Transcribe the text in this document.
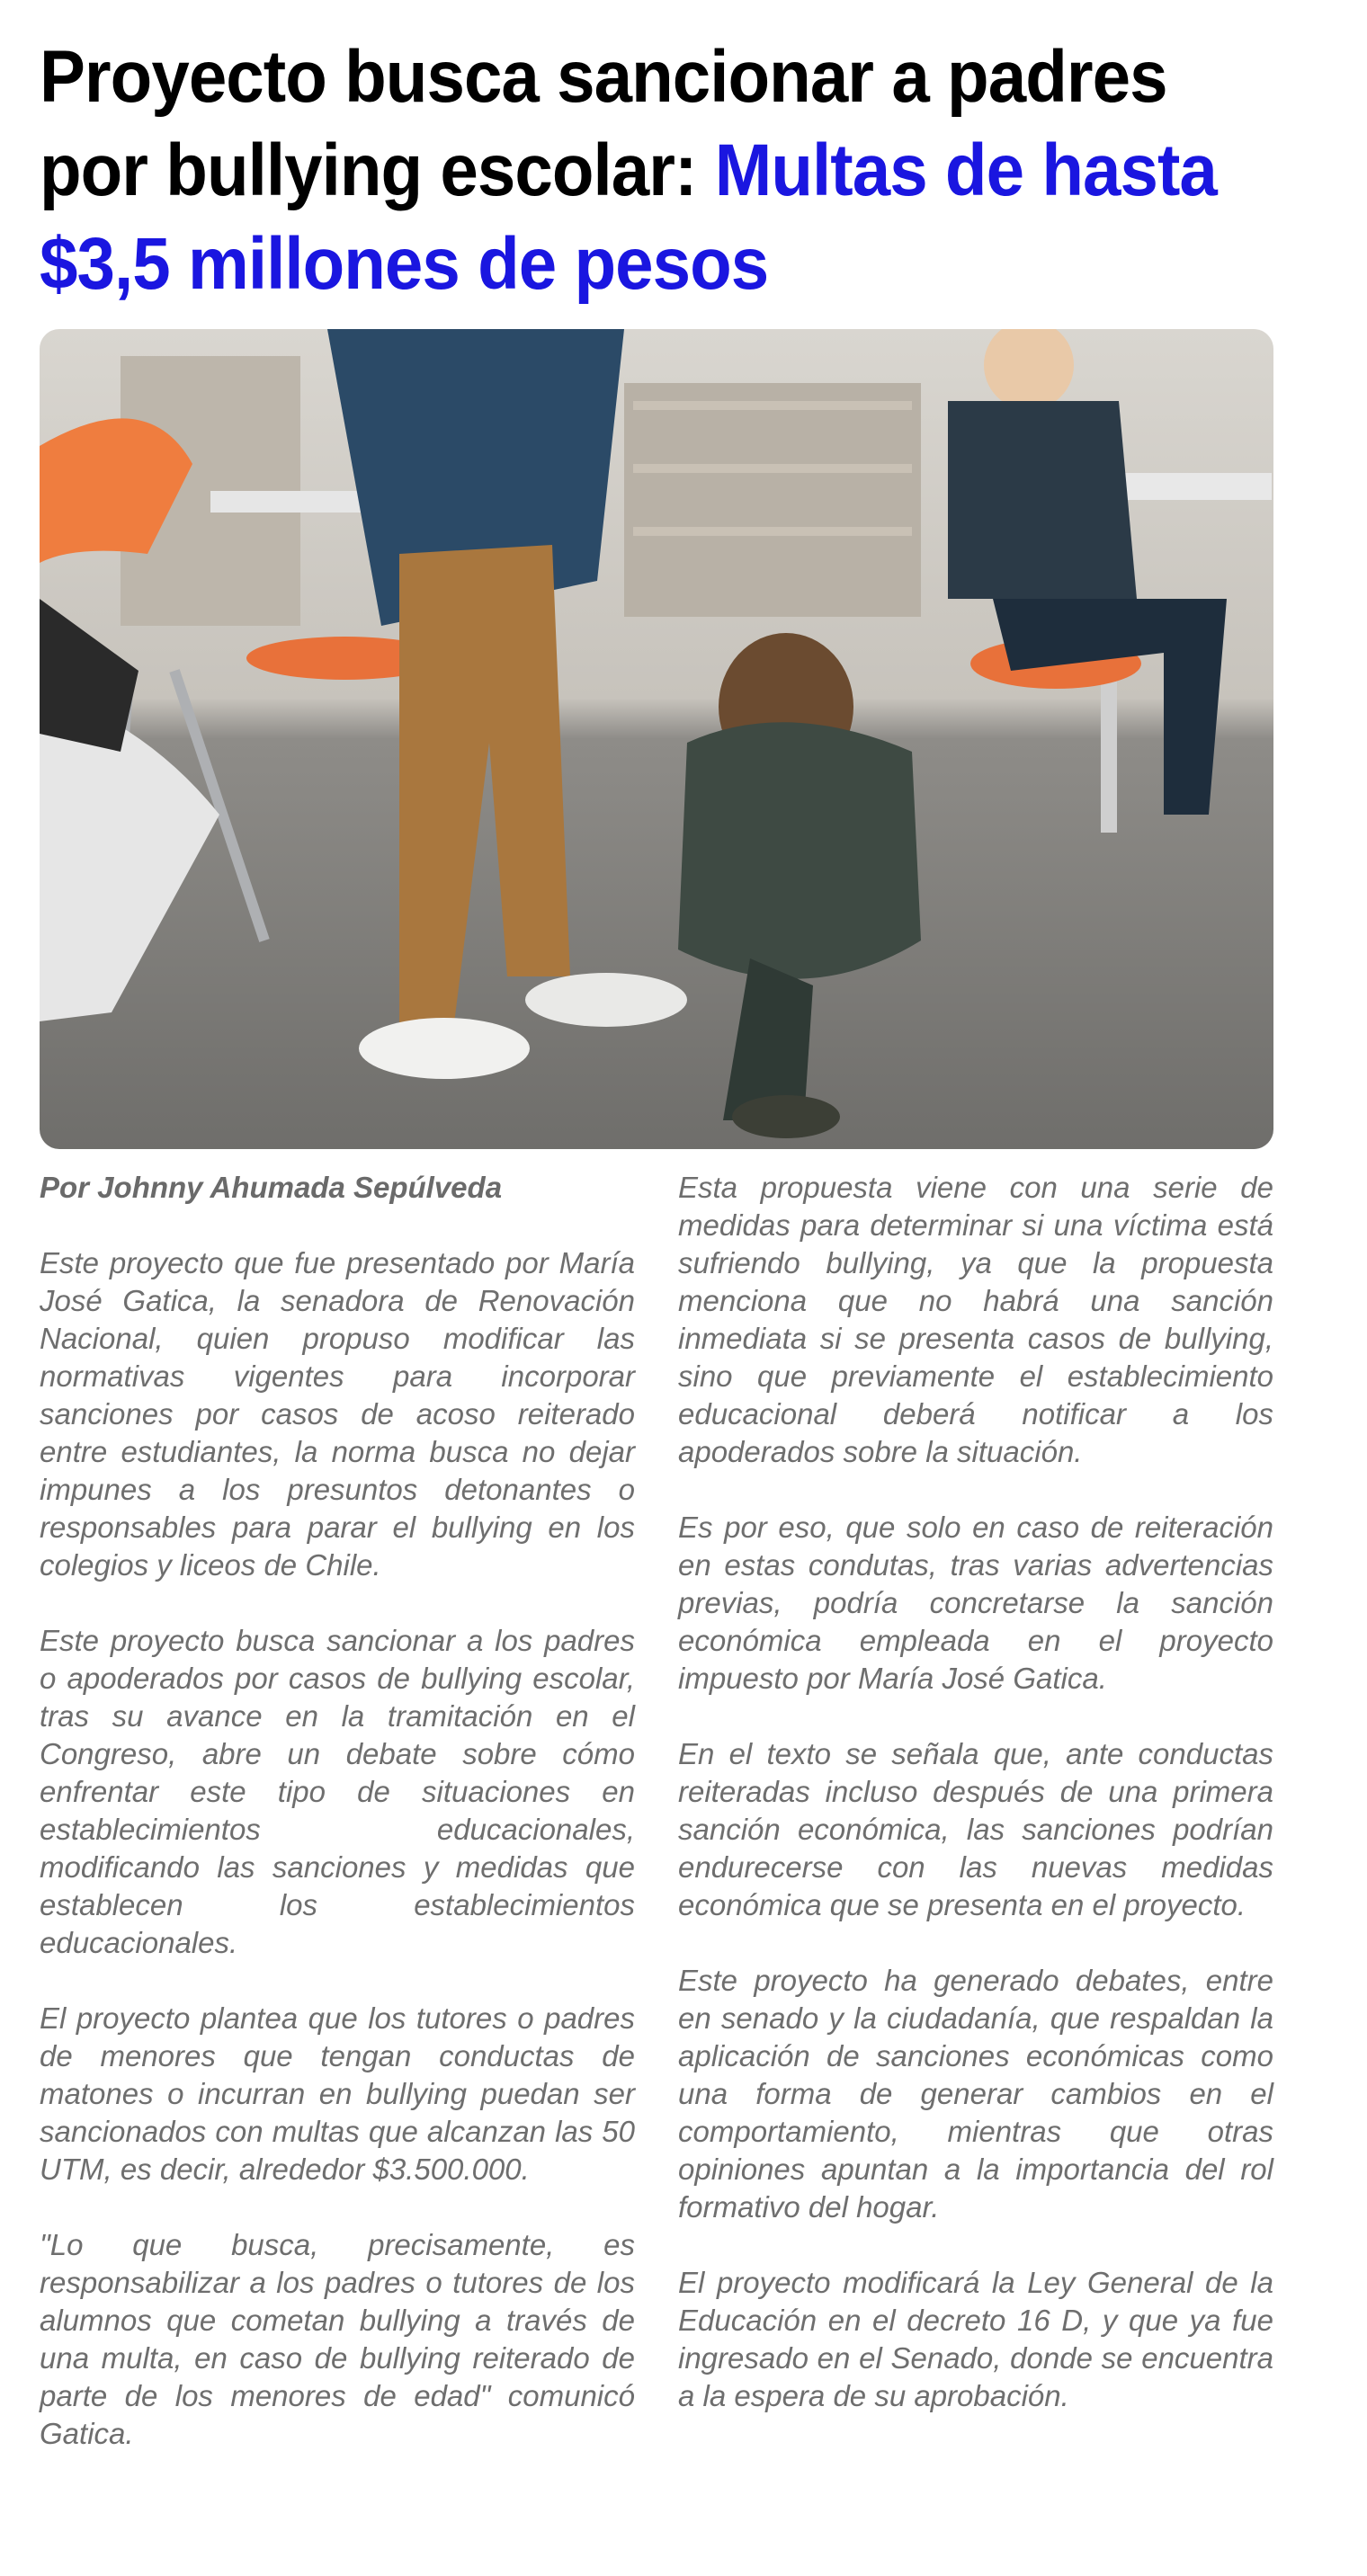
Proyecto busca sancionar a padres por bullying escolar: Multas de hasta $3,5 millones de pesos

Por Johnny Ahumada Sepúlveda

Este proyecto que fue presentado por María José Gatica, la senadora de Renovación Nacional, quien propuso modificar las normativas vigentes para incorporar sanciones por casos de acoso reiterado entre estudiantes, la norma busca no dejar impunes a los presuntos detonantes o responsables para parar el bullying en los colegios y liceos de Chile.

Este proyecto busca sancionar a los padres o apoderados por casos de bullying escolar, tras su avance en la tramitación en el Congreso, abre un debate sobre cómo enfrentar este tipo de situaciones en establecimientos educacionales, modificando las sanciones y medidas que establecen los establecimientos educacionales.

El proyecto plantea que los tutores o padres de menores que tengan conductas de matones o incurran en bullying puedan ser sancionados con multas que alcanzan las 50 UTM, es decir, alrededor $3.500.000.

"Lo que busca, precisamente, es responsabilizar a los padres o tutores de los alumnos que cometan bullying a través de una multa, en caso de bullying reiterado de parte de los menores de edad" comunicó Gatica.

Esta propuesta viene con una serie de medidas para determinar si una víctima está sufriendo bullying, ya que la propuesta menciona que no habrá una sanción inmediata si se presenta casos de bullying, sino que previamente el establecimiento educacional deberá notificar a los apoderados sobre la situación.

Es por eso, que solo en caso de reiteración en estas condutas, tras varias advertencias previas, podría concretarse la sanción económica empleada en el proyecto impuesto por María José Gatica.

En el texto se señala que, ante conductas reiteradas incluso después de una primera sanción económica, las sanciones podrían endurecerse con las nuevas medidas económica que se presenta en el proyecto.

Este proyecto ha generado debates, entre en senado y la ciudadanía, que respaldan la aplicación de sanciones económicas como una forma de generar cambios en el comportamiento, mientras que otras opiniones apuntan a la importancia del rol formativo del hogar.

El proyecto modificará la Ley General de la Educación en el decreto 16 D, y que ya fue ingresado en el Senado, donde se encuentra a la espera de su aprobación.
